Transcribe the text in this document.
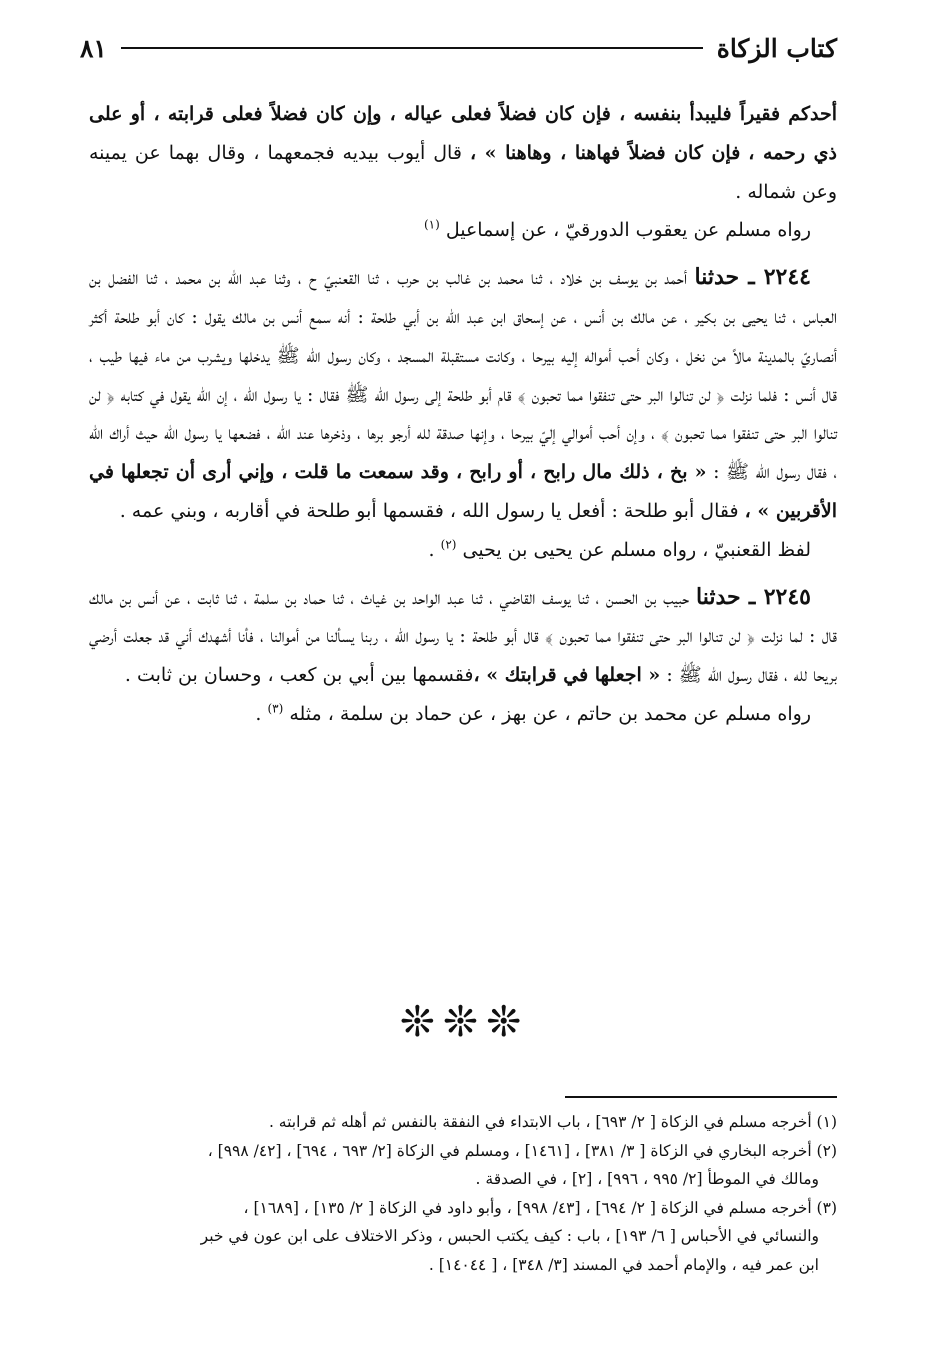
كتاب الزكاة
٨١

أحدكم فقيراً فليبدأ بنفسه ، فإن كان فضلاً فعلى عياله ، وإن كان فضلاً فعلى قرابته ، أو على ذي رحمه ، فإن كان فضلاً فهاهنا ، وهاهنا » ، قال أيوب بيديه فجمعهما ، وقال بهما عن يمينه وعن شماله .

رواه مسلم عن يعقوب الدورقيّ ، عن إسماعيل $^{(١)}$

٢٢٤٤ ـ حدثنا أحمد بن يوسف بن خلاد ، ثنا محمد بن غالب بن حرب ، ثنا القعنبيّ ح ، وثنا عبد الله بن محمد ، ثنا الفضل بن العباس ، ثنا يحيى بن بكير ، عن مالك بن أنس ، عن إسحاق ابن عبد الله بن أبي طلحة : أنه سمع أنس بن مالك يقول : كان أبو طلحة أكثر أنصاريّ بالمدينة مالاً من نخل ، وكان أحب أمواله إليه بيرحا ، وكانت مستقبلة المسجد ، وكان رسول الله ﷺ يدخلها ويشرب من ماء فيها طيب ، قال أنس : فلما نزلت ﴿ لن تنالوا البر حتى تنفقوا مما تحبون ﴾ قام أبو طلحة إلى رسول الله ﷺ فقال : يا رسول الله ، إن الله يقول في كتابه ﴿ لن تنالوا البر حتى تنفقوا مما تحبون ﴾ ، وإن أحب أموالي إليّ بيرحا ، وإنها صدقة لله أرجو برها ، وذخرها عند الله ، فضعها يا رسول الله حيث أراك الله ، فقال رسول الله ﷺ : « بخ ، ذلك مال رابح ، أو رابح ، وقد سمعت ما قلت ، وإني أرى أن تجعلها في الأقربين » ، فقال أبو طلحة : أفعل يا رسول الله ، فقسمها أبو طلحة في أقاربه ، وبني عمه .

لفظ القعنبيّ ، رواه مسلم عن يحيى بن يحيى $^{(٢)}$ .

٢٢٤٥ ـ حدثنا حبيب بن الحسن ، ثنا يوسف القاضي ، ثنا عبد الواحد بن غياث ، ثنا حماد بن سلمة ، ثنا ثابت ، عن أنس بن مالك قال : لما نزلت ﴿ لن تنالوا البر حتى تنفقوا مما تحبون ﴾ قال أبو طلحة : يا رسول الله ، ربنا يسألنا من أموالنا ، فأنا أشهدك أني قد جعلت أرضي بريحا لله ، فقال رسول الله ﷺ : « اجعلها في قرابتك » ،فقسمها بين أبي بن كعب ، وحسان بن ثابت .

رواه مسلم عن محمد بن حاتم ، عن بهز ، عن حماد بن سلمة ، مثله $^{(٣)}$ .

❊❊❊

(١) أخرجه مسلم في الزكاة [ ٢/ ٦٩٣] ، باب الابتداء في النفقة بالنفس ثم أهله ثم قرابته .

(٢) أخرجه البخاري في الزكاة [ ٣/ ٣٨١] ، [١٤٦١] ، ومسلم في الزكاة [٢/ ٦٩٣ ، ٦٩٤] ، [٤٢/ ٩٩٨] ،

ومالك في الموطأ [٢/ ٩٩٥ ، ٩٩٦] ، [٢] ، في الصدقة .

(٣) أخرجه مسلم في الزكاة [ ٢/ ٦٩٤] ، [٤٣/ ٩٩٨] ، وأبو داود في الزكاة [ ٢/ ١٣٥] ، [١٦٨٩] ،

والنسائي في الأحباس [ ٦/ ١٩٣] ، باب : كيف يكتب الحبس ، وذكر الاختلاف على ابن عون في خبر

ابن عمر فيه ، والإمام أحمد في المسند [٣/ ٣٤٨] ، [ ١٤٠٤٤] .
